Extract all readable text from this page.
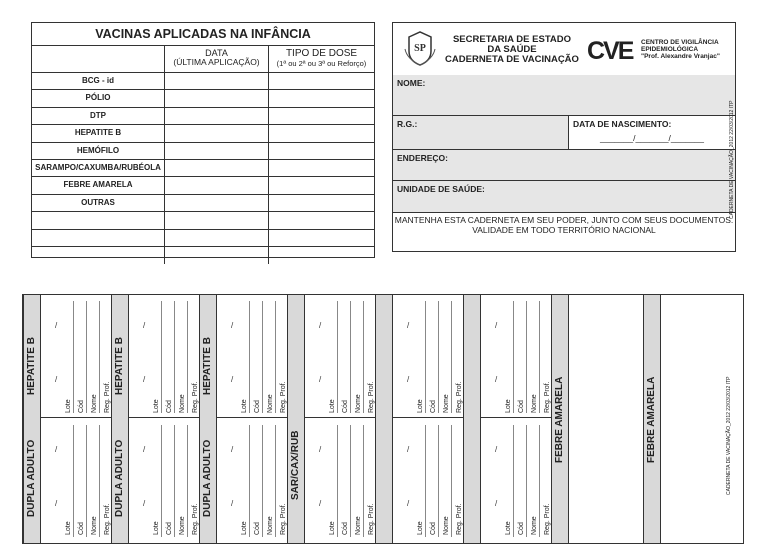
VACINAS APLICADAS NA INFÂNCIA
DATA
(ÚLTIMA APLICAÇÃO)
TIPO DE DOSE
(1ª ou 2ª ou 3ª ou Reforço)
BCG - id
PÓLIO
DTP
HEPATITE B
HEMÓFILO
SARAMPO/CAXUMBA/RUBÉOLA
FEBRE AMARELA
OUTRAS
SP
SECRETARIA DE ESTADO
DA SAÚDE
CADERNETA DE VACINAÇÃO CVE CENTRO DE VIGILÂNCIA
EPIDEMIOLÓGICA
"Prof. Alexandre Vranjac"
NOME:
R.G.:	DATA DE NASCIMENTO:
_______/_______/_______
ENDEREÇO:
UNIDADE DE SAÚDE:
MANTENHA ESTA CADERNETA EM SEU PODER, JUNTO COM SEUS DOCUMENTOS.
VALIDADE EM TODO TERRITÓRIO NACIONAL
CADERNETA DE VACINAÇÃO_2012 22/03/2012 ITP
HEPATITE B
DUPLA ADULTO
Lote Cód Nome Reg. Prof.
/
/
Lote Cód Nome Reg. Prof.
/
/
HEPATITE B
DUPLA ADULTO
Lote Cód Nome Reg. Prof.
/
/
Lote Cód Nome Reg. Prof.
/
/
HEPATITE B
DUPLA ADULTO
Lote Cód Nome Reg. Prof.
/
/
Lote Cód Nome Reg. Prof.
/
/
SAR/CAX/RUB
Lote Cód Nome Reg. Prof.
/
/
Lote Cód Nome Reg. Prof.
/
/
Lote Cód Nome Reg. Prof.
/
/
Lote Cód Nome Reg. Prof.
/
/
Lote Cód Nome Reg. Prof.
/
/
Lote Cód Nome Reg. Prof.
/
/
FEBRE AMARELA	FEBRE AMARELA	CADERNETA DE VACINAÇÃO_2012 22/03/2012 ITP
